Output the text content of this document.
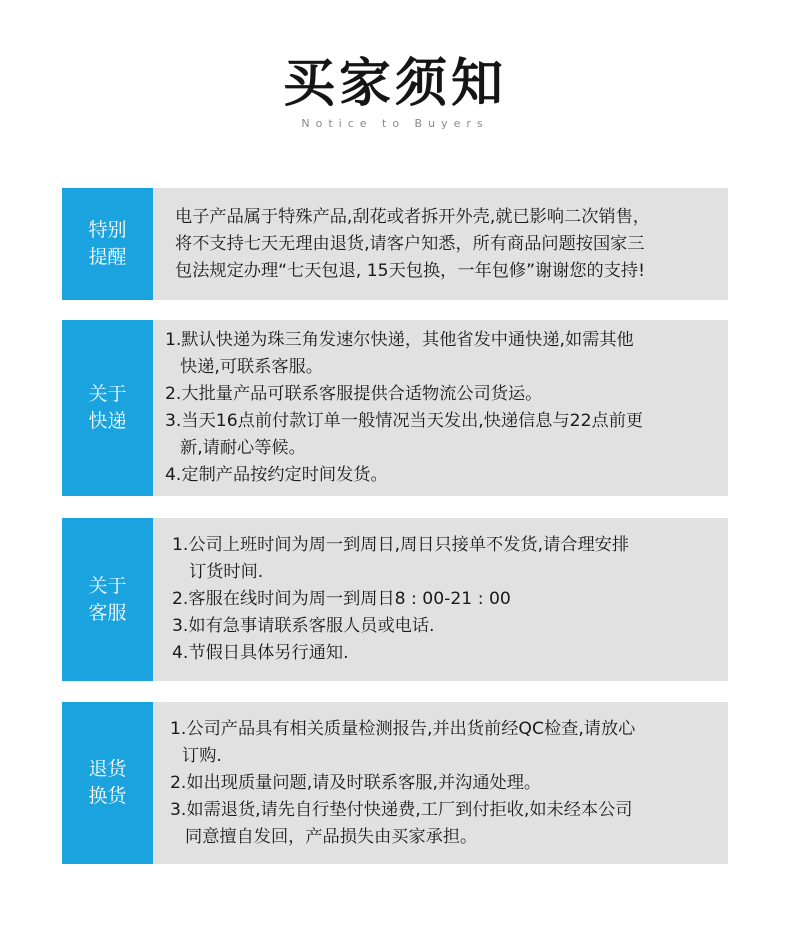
买家须知
Notice to Buyers
特别
提醒
电子产品属于特殊产品,刮花或者拆开外壳,就已影响二次销售，
将不支持七天无理由退货,请客户知悉，所有商品问题按国家三
包法规定办理“七天包退, 15天包换，一年包修”谢谢您的支持!
关于
快递
1.默认快递为珠三角发速尔快递，其他省发中通快递,如需其他
快递,可联系客服。
2.大批量产品可联系客服提供合适物流公司货运。
3.当天16点前付款订单一般情况当天发出,快递信息与22点前更
新,请耐心等候。
4.定制产品按约定时间发货。
关于
客服
1.公司上班时间为周一到周日,周日只接单不发货,请合理安排
订货时间.
2.客服在线时间为周一到周日8 : 00-21 : 00
3.如有急事请联系客服人员或电话.
4.节假日具体另行通知.
退货
换货
1.公司产品具有相关质量检测报告,并出货前经QC检查,请放心
订购.
2.如出现质量问题,请及时联系客服,并沟通处理。
3.如需退货,请先自行垫付快递费,工厂到付拒收,如未经本公司
同意擅自发回，产品损失由买家承担。
